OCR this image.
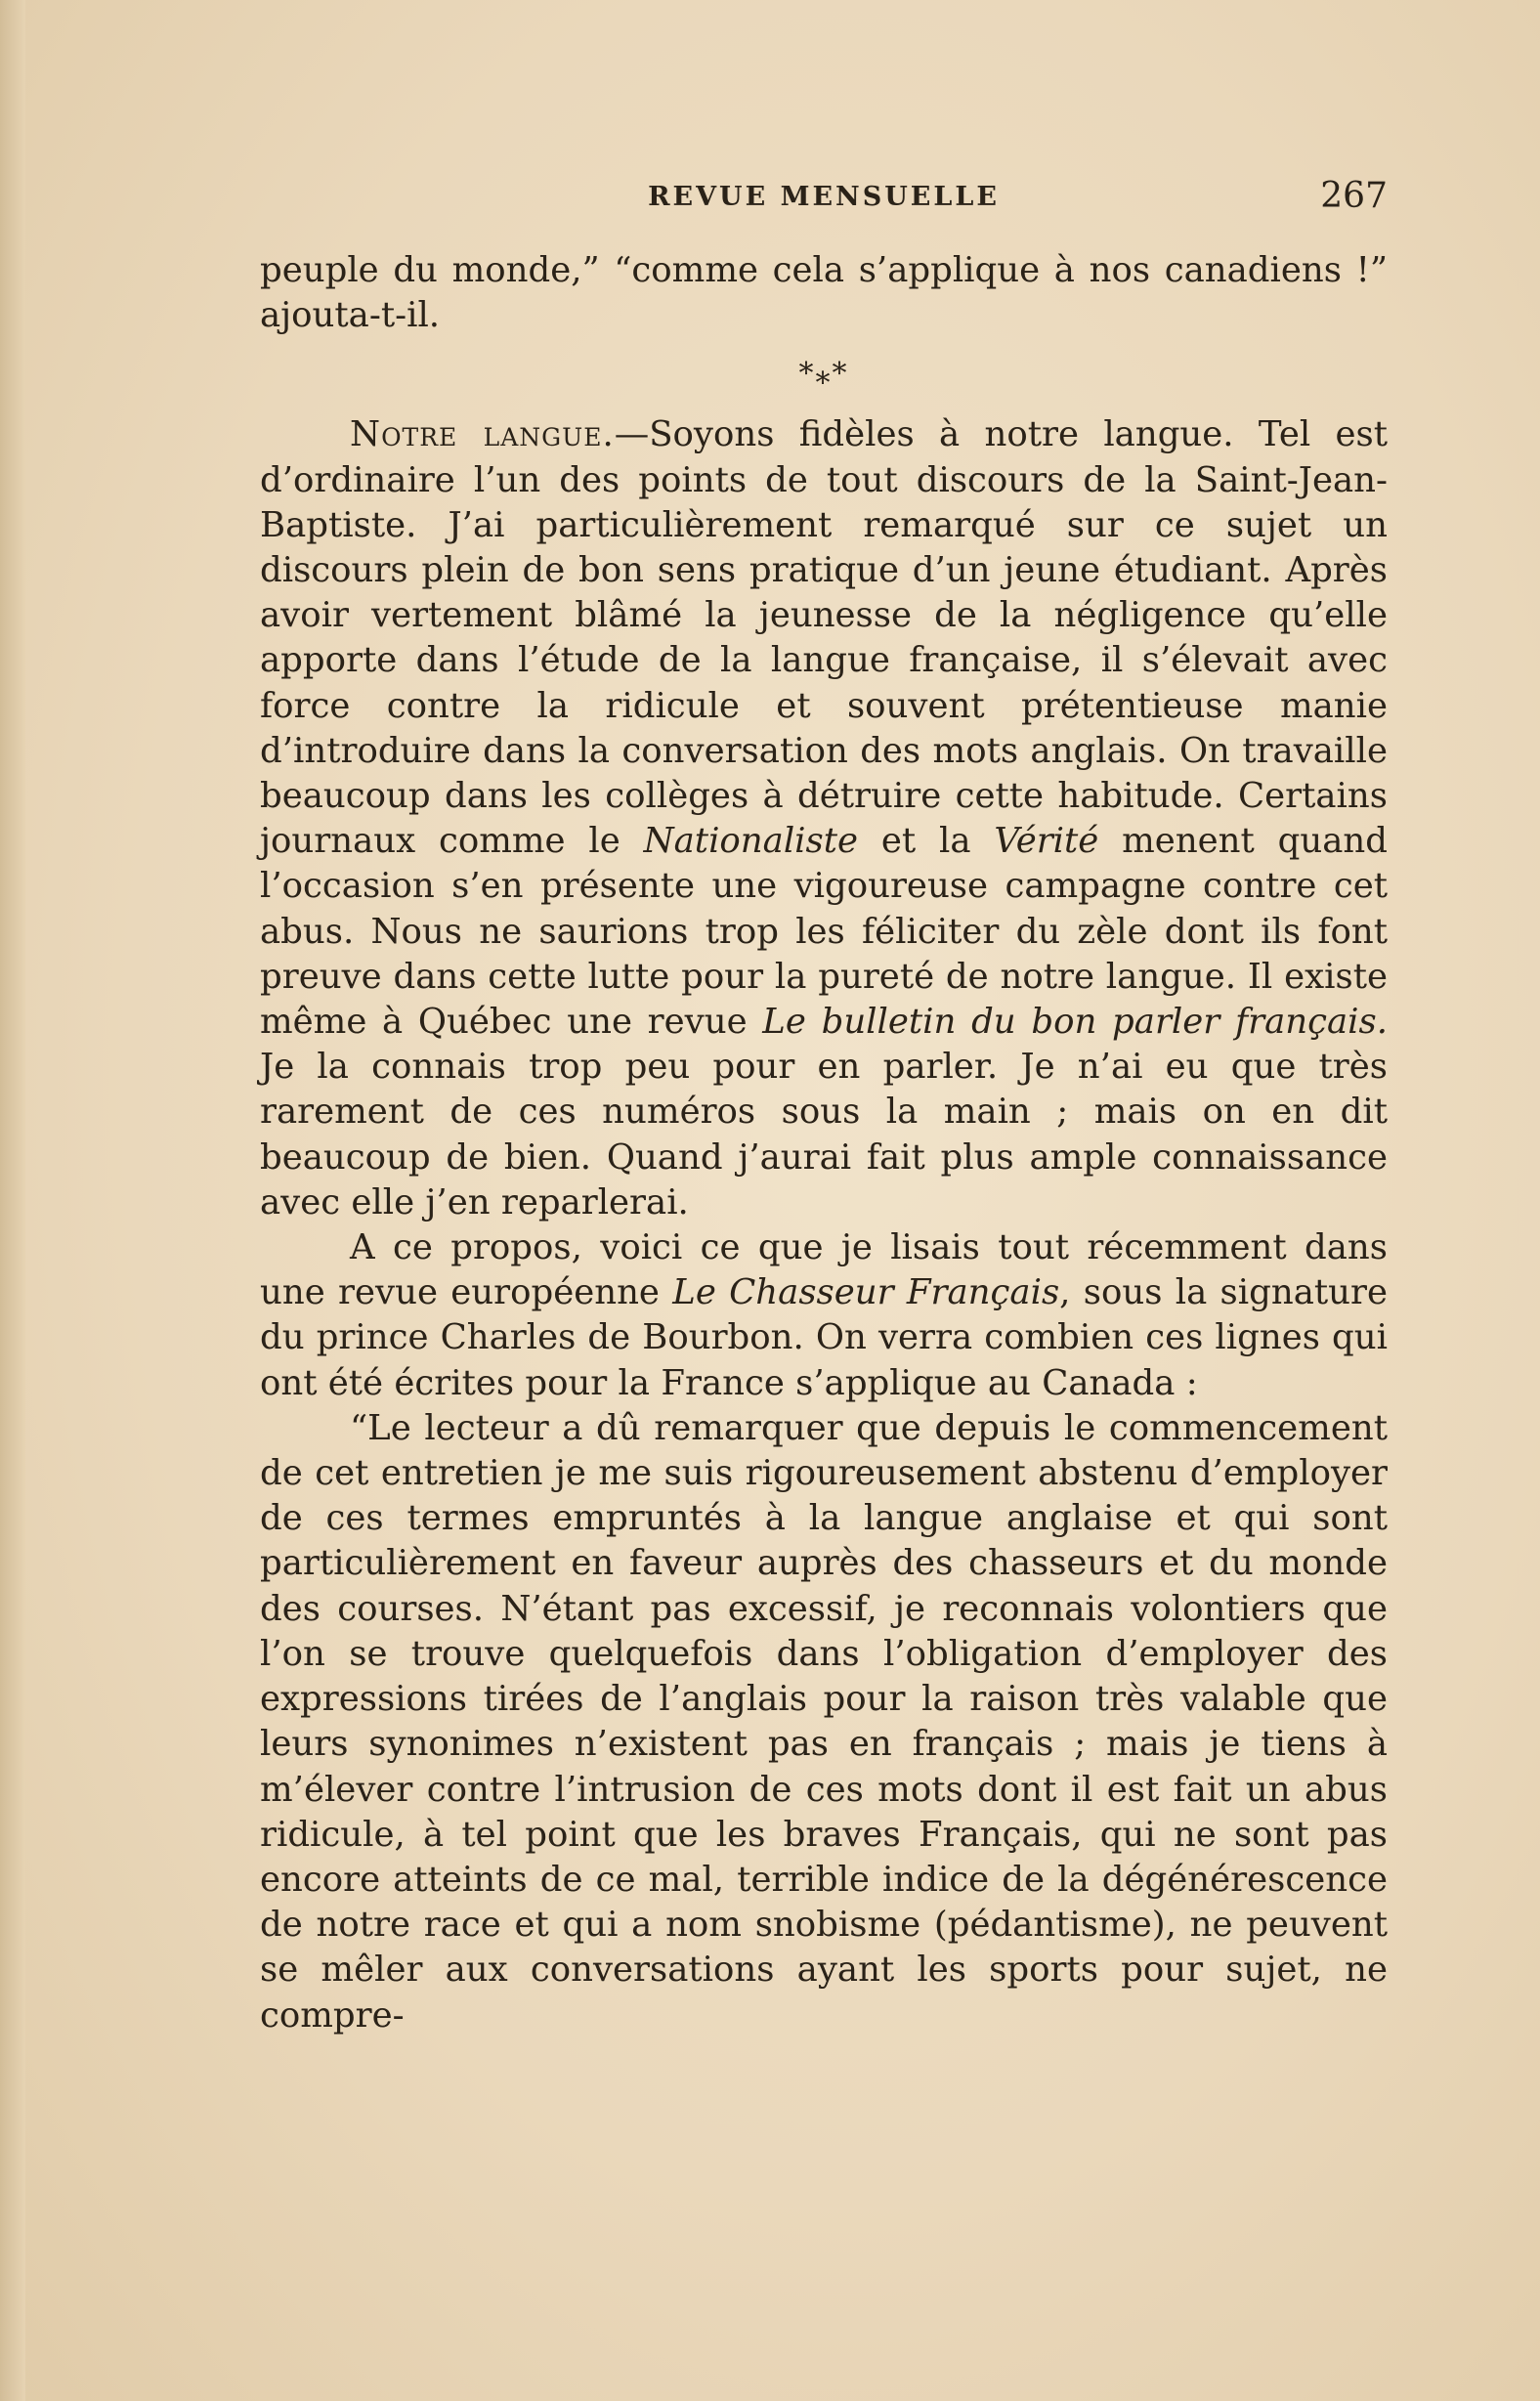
REVUE MENSUELLE	267

peuple du monde,” “comme cela s’applique à nos canadiens !” ajouta-t-il.

*⁎*

Notre langue.—Soyons fidèles à notre langue. Tel est d’ordinaire l’un des points de tout discours de la Saint-Jean-Baptiste. J’ai particulièrement remarqué sur ce sujet un discours plein de bon sens pratique d’un jeune étudiant. Après avoir vertement blâmé la jeunesse de la négligence qu’elle apporte dans l’étude de la langue française, il s’élevait avec force contre la ridicule et souvent prétentieuse manie d’introduire dans la conversation des mots anglais. On travaille beaucoup dans les collèges à détruire cette habitude. Certains journaux comme le Nationaliste et la Vérité menent quand l’occasion s’en présente une vigoureuse campagne contre cet abus. Nous ne saurions trop les féliciter du zèle dont ils font preuve dans cette lutte pour la pureté de notre langue. Il existe même à Québec une revue Le bulletin du bon parler français. Je la connais trop peu pour en parler. Je n’ai eu que très rarement de ces numéros sous la main ; mais on en dit beaucoup de bien. Quand j’aurai fait plus ample connaissance avec elle j’en reparlerai.

A ce propos, voici ce que je lisais tout récemment dans une revue européenne Le Chasseur Français, sous la signature du prince Charles de Bourbon. On verra combien ces lignes qui ont été écrites pour la France s’applique au Canada :

“Le lecteur a dû remarquer que depuis le commencement de cet entretien je me suis rigoureusement abstenu d’employer de ces termes empruntés à la langue anglaise et qui sont particulièrement en faveur auprès des chasseurs et du monde des courses. N’étant pas excessif, je reconnais volontiers que l’on se trouve quelquefois dans l’obligation d’employer des expressions tirées de l’anglais pour la raison très valable que leurs synonimes n’existent pas en français ; mais je tiens à m’élever contre l’intrusion de ces mots dont il est fait un abus ridicule, à tel point que les braves Français, qui ne sont pas encore atteints de ce mal, terrible indice de la dégénérescence de notre race et qui a nom snobisme (pédantisme), ne peuvent se mêler aux conversations ayant les sports pour sujet, ne compre-
